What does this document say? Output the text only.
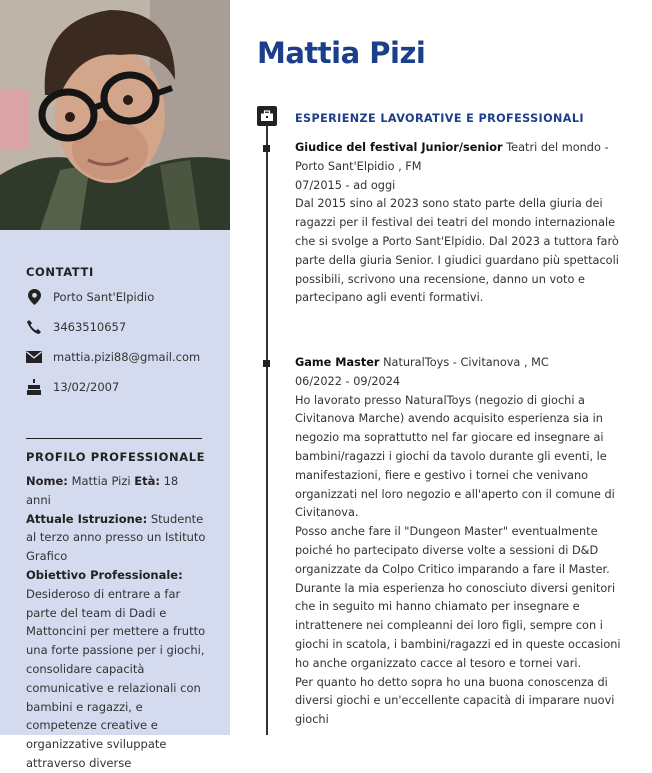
CONTATTI
Porto Sant'Elpidio
3463510657
mattia.pizi88@gmail.com
13/02/2007
PROFILO PROFESSIONALE
Nome: Mattia Pizi Età: 18 anni
Attuale Istruzione: Studente al terzo anno presso un Istituto Grafico
Obiettivo Professionale:
Desideroso di entrare a far parte del team di Dadi e Mattoncini per mettere a frutto una forte passione per i giochi, consolidare capacità comunicative e relazionali con bambini e ragazzi, e competenze creative e organizzative sviluppate attraverso diverse
Mattia Pizi
ESPERIENZE LAVORATIVE E PROFESSIONALI
Giudice del festival Junior/senior Teatri del mondo - Porto Sant'Elpidio , FM
07/2015 - ad oggi
Dal 2015 sino al 2023 sono stato parte della giuria dei ragazzi per il festival dei teatri del mondo internazionale che si svolge a Porto Sant'Elpidio. Dal 2023 a tuttora farò parte della giuria Senior. I giudici guardano più spettacoli possibili, scrivono una recensione, danno un voto e partecipano agli eventi formativi.
Game Master NaturalToys - Civitanova , MC
06/2022 - 09/2024
Ho lavorato presso NaturalToys (negozio di giochi a Civitanova Marche) avendo acquisito esperienza sia in negozio ma soprattutto nel far giocare ed insegnare ai bambini/ragazzi i giochi da tavolo durante gli eventi, le manifestazioni, fiere e gestivo i tornei che venivano organizzati nel loro negozio e all'aperto con il comune di Civitanova.
Posso anche fare il "Dungeon Master" eventualmente poiché ho partecipato diverse volte a sessioni di D&D organizzate da Colpo Critico imparando a fare il Master.
Durante la mia esperienza ho conosciuto diversi genitori che in seguito mi hanno chiamato per insegnare e intrattenere nei compleanni dei loro figli, sempre con i giochi in scatola, i bambini/ragazzi ed in queste occasioni ho anche organizzato cacce al tesoro e tornei vari.
Per quanto ho detto sopra ho una buona conoscenza di diversi giochi e un'eccellente capacità di imparare nuovi giochi
